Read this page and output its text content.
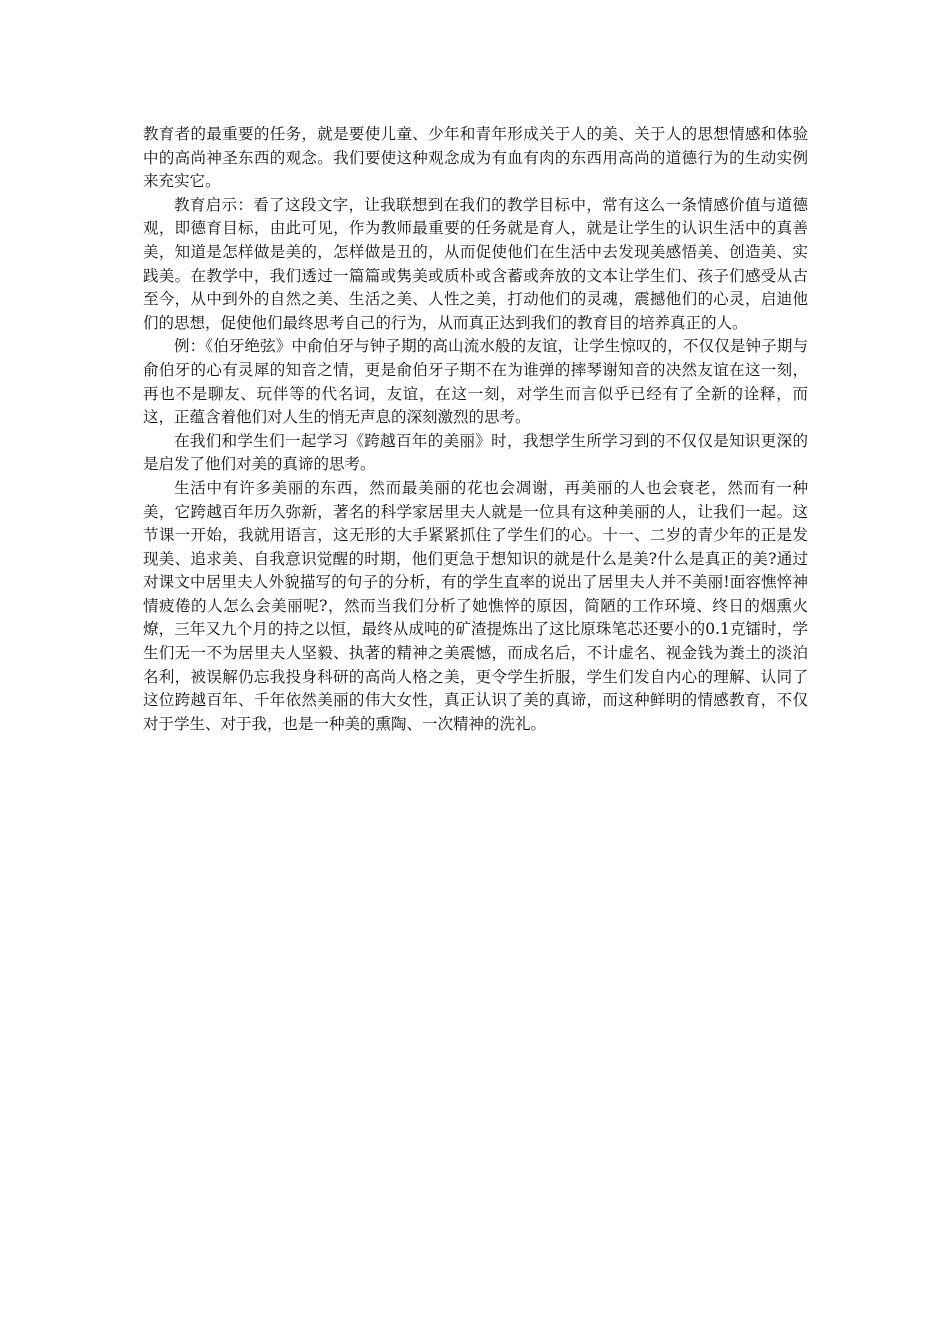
教育者的最重要的任务，就是要使儿童、少年和青年形成关于人的美、关于人的思想情感和体验中的高尚神圣东西的观念。我们要使这种观念成为有血有肉的东西用高尚的道德行为的生动实例来充实它。

教育启示：看了这段文字，让我联想到在我们的教学目标中，常有这么一条情感价值与道德观，即德育目标，由此可见，作为教师最重要的任务就是育人，就是让学生的认识生活中的真善美，知道是怎样做是美的，怎样做是丑的，从而促使他们在生活中去发现美感悟美、创造美、实践美。在教学中，我们透过一篇篇或隽美或质朴或含蓄或奔放的文本让学生们、孩子们感受从古至今，从中到外的自然之美、生活之美、人性之美，打动他们的灵魂，震撼他们的心灵，启迪他们的思想，促使他们最终思考自己的行为，从而真正达到我们的教育目的培养真正的人。

例：《伯牙绝弦》中俞伯牙与钟子期的高山流水般的友谊，让学生惊叹的，不仅仅是钟子期与俞伯牙的心有灵犀的知音之情，更是俞伯牙子期不在为谁弹的摔琴谢知音的决然友谊在这一刻，再也不是聊友、玩伴等的代名词，友谊，在这一刻，对学生而言似乎已经有了全新的诠释，而这，正蕴含着他们对人生的悄无声息的深刻激烈的思考。

在我们和学生们一起学习《跨越百年的美丽》时，我想学生所学习到的不仅仅是知识更深的是启发了他们对美的真谛的思考。

生活中有许多美丽的东西，然而最美丽的花也会凋谢，再美丽的人也会衰老，然而有一种美，它跨越百年历久弥新，著名的科学家居里夫人就是一位具有这种美丽的人，让我们一起。这节课一开始，我就用语言，这无形的大手紧紧抓住了学生们的心。十一、二岁的青少年的正是发现美、追求美、自我意识觉醒的时期，他们更急于想知识的就是什么是美?什么是真正的美?通过对课文中居里夫人外貌描写的句子的分析，有的学生直率的说出了居里夫人并不美丽!面容憔悴神情疲倦的人怎么会美丽呢?，然而当我们分析了她憔悴的原因，简陋的工作环境、终日的烟熏火燎，三年又九个月的持之以恒，最终从成吨的矿渣提炼出了这比原珠笔芯还要小的0.1克镭时，学生们无一不为居里夫人坚毅、执著的精神之美震憾，而成名后，不计虚名、视金钱为粪土的淡泊名利，被误解仍忘我投身科研的高尚人格之美，更令学生折服，学生们发自内心的理解、认同了这位跨越百年、千年依然美丽的伟大女性，真正认识了美的真谛，而这种鲜明的情感教育，不仅对于学生、对于我，也是一种美的熏陶、一次精神的洗礼。
